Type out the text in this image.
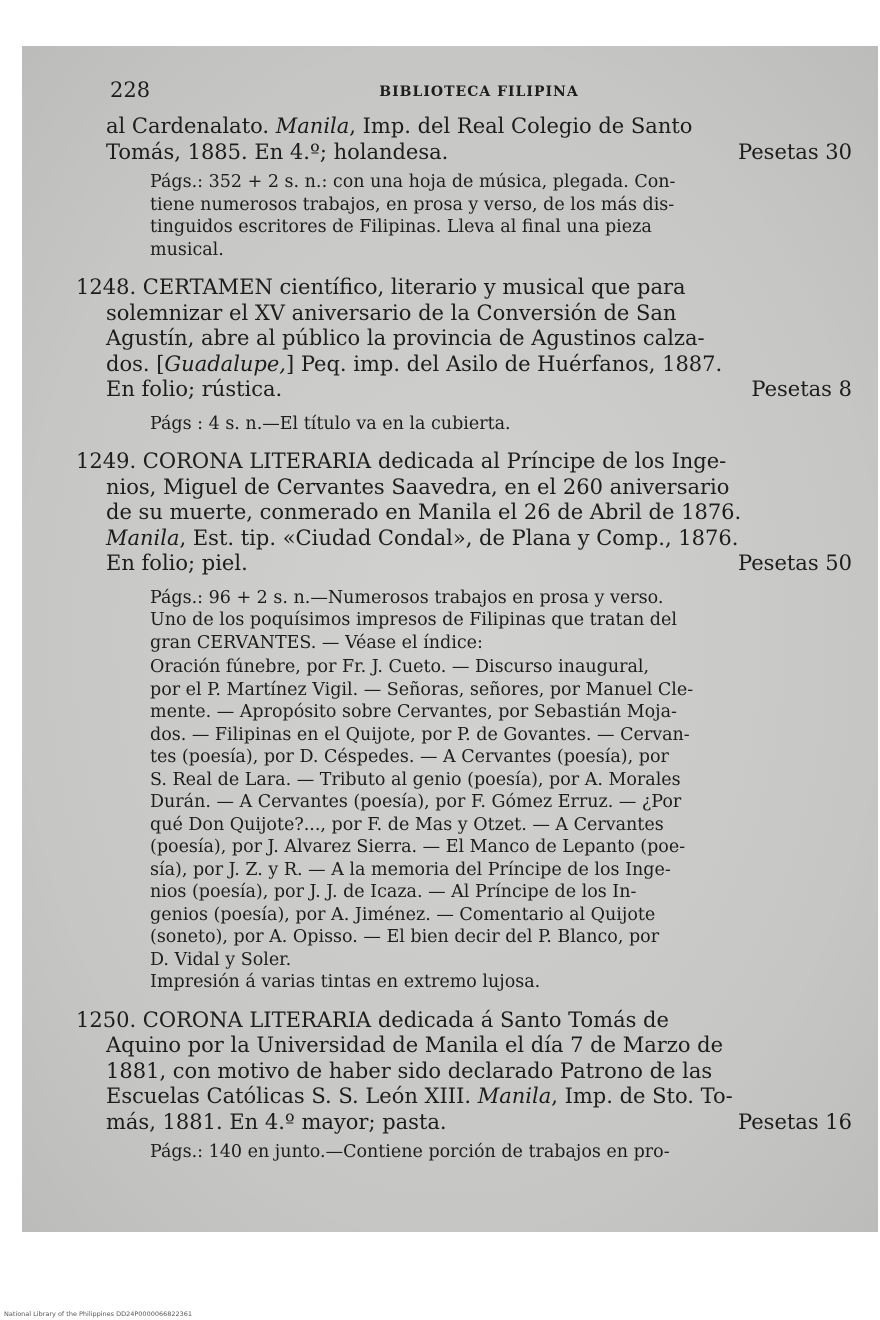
228	BIBLIOTECA FILIPINA
al Cardenalato. Manila, Imp. del Real Colegio de Santo
Tomás, 1885. En 4.º; holandesa.	Pesetas 30
Págs.: 352 + 2 s. n.: con una hoja de música, plegada. Con-
tiene numerosos trabajos, en prosa y verso, de los más dis-
tinguidos escritores de Filipinas. Lleva al final una pieza
musical.
1248. CERTAMEN científico, literario y musical que para
solemnizar el XV aniversario de la Conversión de San
Agustín, abre al público la provincia de Agustinos calza-
dos. [Guadalupe,] Peq. imp. del Asilo de Huérfanos, 1887.
En folio; rústica.	Pesetas 8
Págs : 4 s. n.—El título va en la cubierta.
1249. CORONA LITERARIA dedicada al Príncipe de los Inge-
nios, Miguel de Cervantes Saavedra, en el 260 aniversario
de su muerte, conmerado en Manila el 26 de Abril de 1876.
Manila, Est. tip. «Ciudad Condal», de Plana y Comp., 1876.
En folio; piel.	Pesetas 50
Págs.: 96 + 2 s. n.—Numerosos trabajos en prosa y verso.
Uno de los poquísimos impresos de Filipinas que tratan del
gran CERVANTES. — Véase el índice:
Oración fúnebre, por Fr. J. Cueto. — Discurso inaugural,
por el P. Martínez Vigil. — Señoras, señores, por Manuel Cle-
mente. — Apropósito sobre Cervantes, por Sebastián Moja-
dos. — Filipinas en el Quijote, por P. de Govantes. — Cervan-
tes (poesía), por D. Céspedes. — A Cervantes (poesía), por
S. Real de Lara. — Tributo al genio (poesía), por A. Morales
Durán. — A Cervantes (poesía), por F. Gómez Erruz. — ¿Por
qué Don Quijote?..., por F. de Mas y Otzet. — A Cervantes
(poesía), por J. Alvarez Sierra. — El Manco de Lepanto (poe-
sía), por J. Z. y R. — A la memoria del Príncipe de los Inge-
nios (poesía), por J. J. de Icaza. — Al Príncipe de los In-
genios (poesía), por A. Jiménez. — Comentario al Quijote
(soneto), por A. Opisso. — El bien decir del P. Blanco, por
D. Vidal y Soler.
Impresión á varias tintas en extremo lujosa.
1250. CORONA LITERARIA dedicada á Santo Tomás de
Aquino por la Universidad de Manila el día 7 de Marzo de
1881, con motivo de haber sido declarado Patrono de las
Escuelas Católicas S. S. León XIII. Manila, Imp. de Sto. To-
más, 1881. En 4.º mayor; pasta.	Pesetas 16
Págs.: 140 en junto.—Contiene porción de trabajos en pro-
National Library of the Philippines DD24P0000066822361
